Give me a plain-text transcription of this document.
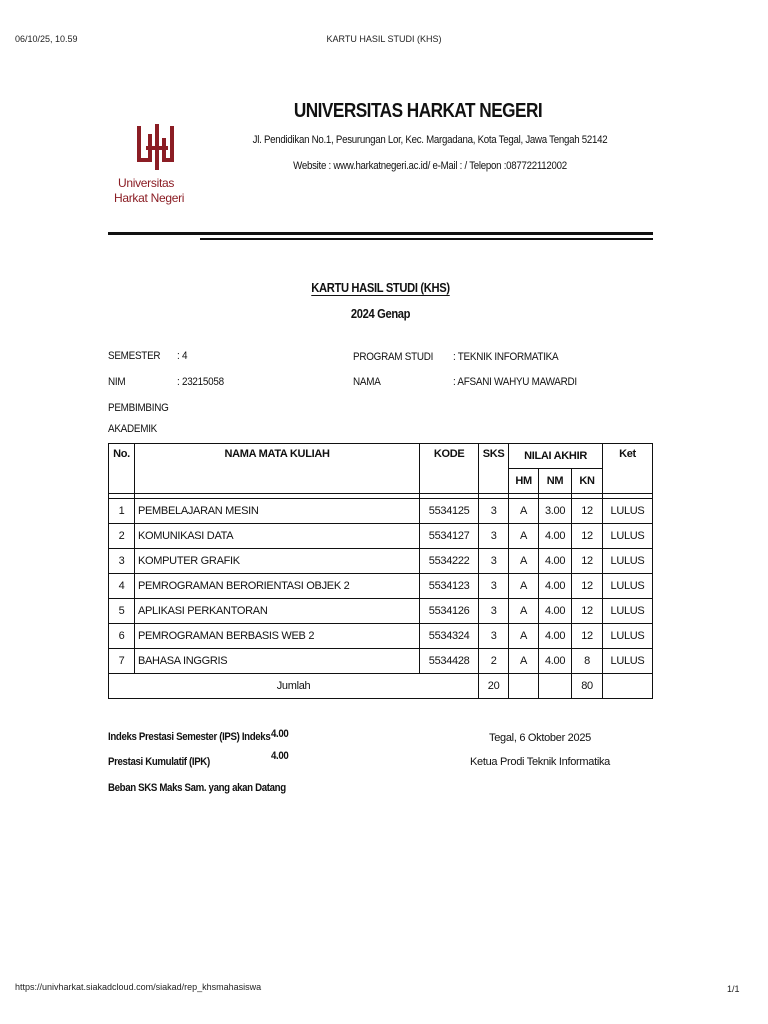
06/10/25, 10.59	KARTU HASIL STUDI (KHS)
Universitas
Harkat Negeri
UNIVERSITAS HARKAT NEGERI
Jl. Pendidikan No.1, Pesurungan Lor, Kec. Margadana, Kota Tegal, Jawa Tengah 52142
Website : www.harkatnegeri.ac.id/ e-Mail : / Telepon :087722112002
KARTU HASIL STUDI (KHS)
2024 Genap
SEMESTER : 4
NIM	: 23215058
PEMBIMBING
AKADEMIK
PROGRAM STUDI : TEKNIK INFORMATIKA
NAMA	: AFSANI WAHYU MAWARDI
No.	NAMA MATA KULIAH	KODE	SKS	NILAI AKHIR			Ket
				HM	NM	KN	

1	PEMBELAJARAN MESIN	5534125	3	A	3.00	12	LULUS
2	KOMUNIKASI DATA	5534127	3	A	4.00	12	LULUS
3	KOMPUTER GRAFIK	5534222	3	A	4.00	12	LULUS
4	PEMROGRAMAN BERORIENTASI OBJEK 2	5534123	3	A	4.00	12	LULUS
5	APLIKASI PERKANTORAN	5534126	3	A	4.00	12	LULUS
6	PEMROGRAMAN BERBASIS WEB 2	5534324	3	A	4.00	12	LULUS
7	BAHASA INGGRIS	5534428	2	A	4.00	8	LULUS
Jumlah			20			80	
Indeks Prestasi Semester (IPS) Indeks 4.00
Prestasi Kumulatif (IPK)	4.00
Beban SKS Maks Sam. yang akan Datang
Tegal, 6 Oktober 2025
Ketua Prodi Teknik Informatika
https://univharkat.siakadcloud.com/siakad/rep_khsmahasiswa	1/1
